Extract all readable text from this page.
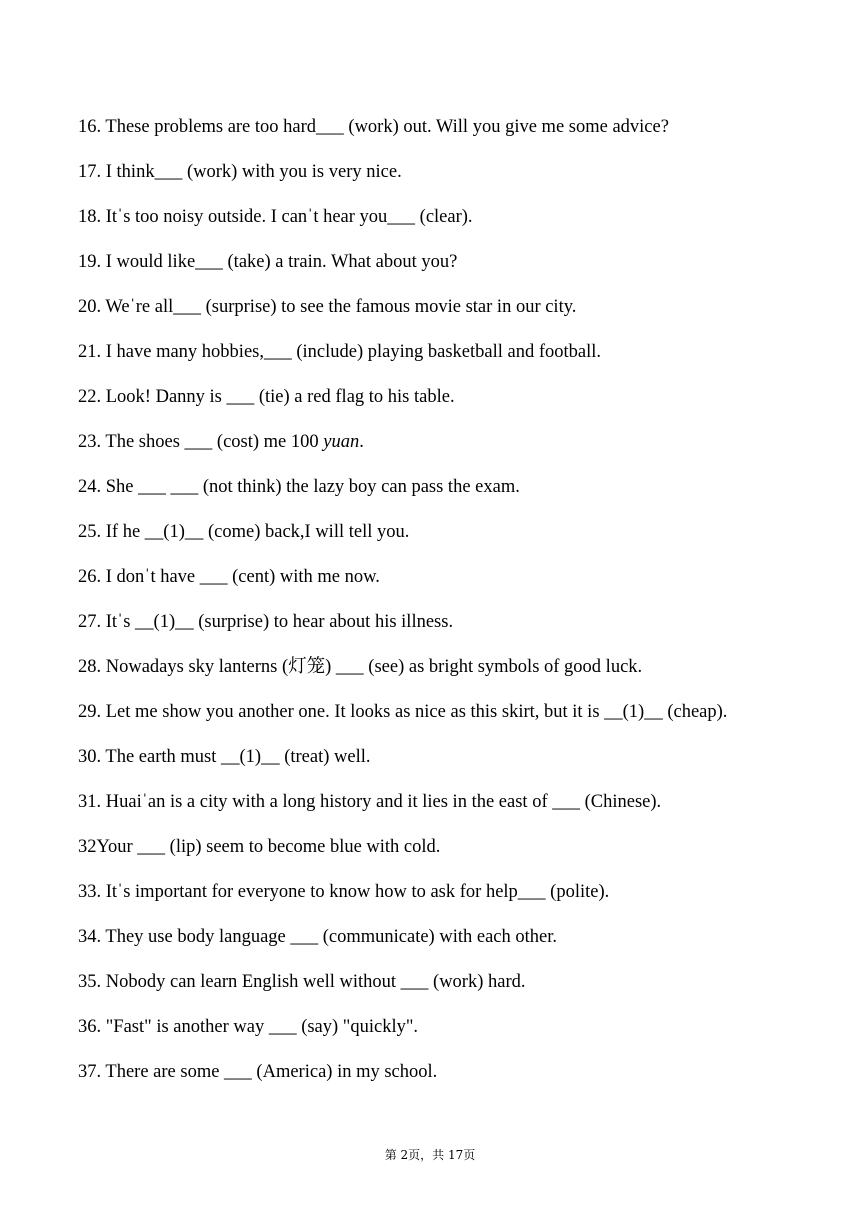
16. These problems are too hard___ (work) out. Will you give me some advice?
17. I think___ (work) with you is very nice.
18. Itˈs too noisy outside. I canˈt hear you___ (clear).
19. I would like___ (take) a train. What about you?
20. Weˈre all___ (surprise) to see the famous movie star in our city.
21. I have many hobbies,___ (include) playing basketball and football.
22. Look! Danny is ___ (tie) a red flag to his table.
23. The shoes ___ (cost) me 100 yuan.
24. She ___ ___ (not think) the lazy boy can pass the exam.
25. If he __(1)__ (come) back,I will tell you.
26. I donˈt have ___ (cent) with me now.
27. Itˈs __(1)__ (surprise) to hear about his illness.
28. Nowadays sky lanterns (灯笼) ___ (see) as bright symbols of good luck.
29. Let me show you another one. It looks as nice as this skirt, but it is __(1)__ (cheap).
30. The earth must __(1)__ (treat) well.
31. Huaiˈan is a city with a long history and it lies in the east of ___ (Chinese).
32Your ___ (lip) seem to become blue with cold.
33. Itˈs important for everyone to know how to ask for help___ (polite).
34. They use body language ___ (communicate) with each other.
35. Nobody can learn English well without ___ (work) hard.
36. "Fast" is another way ___ (say) "quickly".
37. There are some ___ (America) in my school.
第 2页，共 17页
